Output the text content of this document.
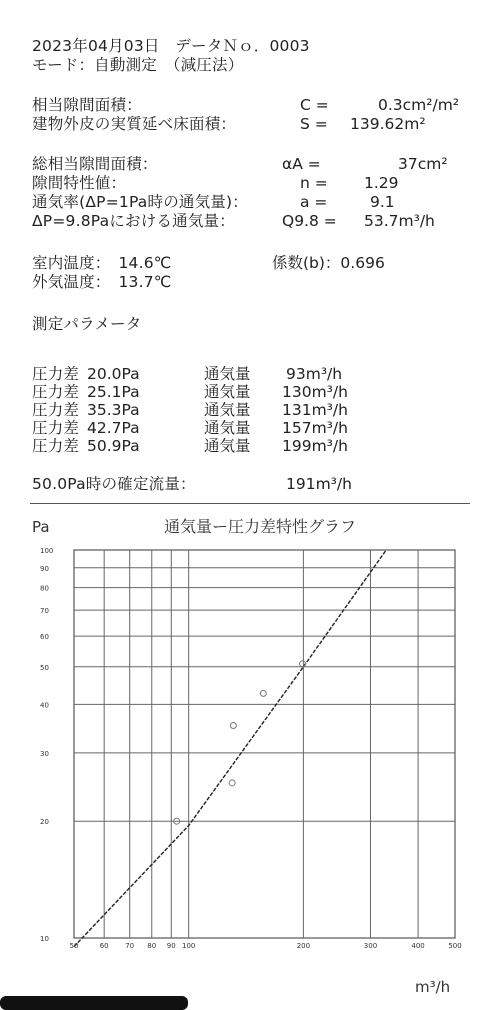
2023年04月03日　データＮｏ．0003
モード：自動測定　（減圧法）
相当隙間面積：	C =	0.3cm²/m²
建物外皮の実質延べ床面積：	S = 139.62m²
総相当隙間面積：	αA =	37cm²
隙間特性値：	n = 1.29
通気率(ΔP=1Pa時の通気量)：	a =	9.1
ΔP=9.8Paにおける通気量：	Q9.8 = 53.7m³/h
室内温度：　14.6℃	係数(b)：0.696
外気温度：　13.7℃
測定パラメータ
圧力差 20.0Pa	通気量 93m³/h
圧力差 25.1Pa	通気量 130m³/h
圧力差 35.3Pa	通気量 131m³/h
圧力差 42.7Pa	通気量 157m³/h
圧力差 50.9Pa	通気量 199m³/h
50.0Pa時の確定流量：	191m³/h
Pa	通気量ー圧力差特性グラフ
100
90
80
70
60
50
40
30
20
10
50	60 70 80 90 100	200	300	400	500
m³/h
